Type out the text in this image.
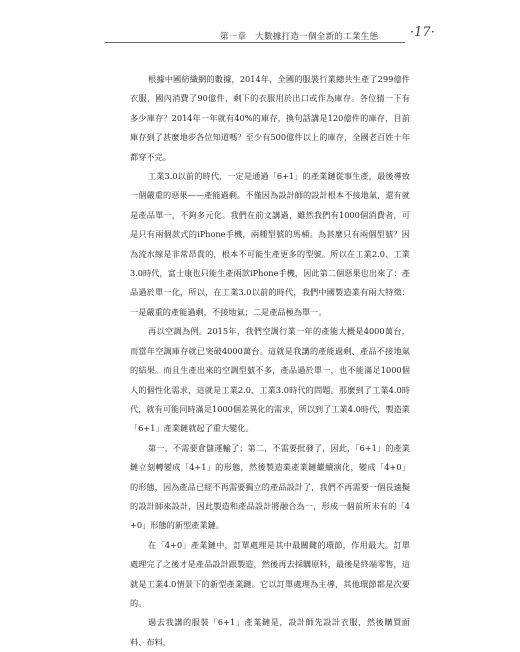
第一章　大數據打造一個全新的工業生態 ·17·

根據中國紡織網的數據，2014年，全國的服裝行業總共生產了299億件衣服，國內消費了90億件，剩下的衣服用於出口或作為庫存。各位猜一下有多少庫存？2014年一年就有40%的庫存，換句話講是120億件的庫存，目前庫存到了甚麼地步各位知道嗎？至少有500億件以上的庫存，全國老百姓十年都穿不完。

工業3.0以前的時代，一定是通過「6+1」的產業鏈從事生產，最後導致一個嚴重的惡果——產能過剩。不僅因為設計師的設計根本不接地氣，還有就是產品單一，不夠多元化。我們在前文講過，雖然我們有1000個消費者，可是只有兩個款式的iPhone手機，兩種型號的馬桶。為甚麼只有兩個型號？因為流水線是非常昂貴的，根本不可能生產更多的型號。所以在工業2.0、工業3.0時代，富士康也只能生產兩款iPhone手機，因此第二個惡果也出來了：產品過於單一化，所以，在工業3.0以前的時代，我們中國製造業有兩大特徵：一是嚴重的產能過剩，不接地氣；二是產品極為單一。

再以空調為例。2015年，我們空調行業一年的產能大概是4000萬台，而當年空調庫存就已突破4000萬台。這就是我講的產能過剩、產品不接地氣的結果。而且生產出來的空調型號不多，產品過於單一，也不能滿足1000個人的個性化需求，這就是工業2.0、工業3.0時代的問題。那麼到了工業4.0時代，就有可能同時滿足1000個差異化的需求，所以到了工業4.0時代，製造業「6+1」產業鏈就起了重大變化。

第一，不需要倉儲運輸了；第二，不需要批發了，因此，「6+1」的產業鏈立刻轉變成「4+1」的形態，然後製造業產業鏈繼續演化，變成「4+0」的形態，因為產品已經不再需要獨立的產品設計了，我們不再需要一個長遠擬的設計師來設計，因此製造和產品設計將融合為一，形成一個前所未有的「4+0」形態的新型產業鏈。

在「4+0」產業鏈中，訂單處理是其中最關鍵的環節，作用最大。訂單處理完了之後才是產品設計跟製造，然後再去採購原料，最後是終端零售，這就是工業4.0情景下的新型產業鏈。它以訂單處理為主導，其他環節都是次要的。

過去我講的服裝「6+1」產業鏈是，設計師先設計衣服，然後購買面料、布料，
